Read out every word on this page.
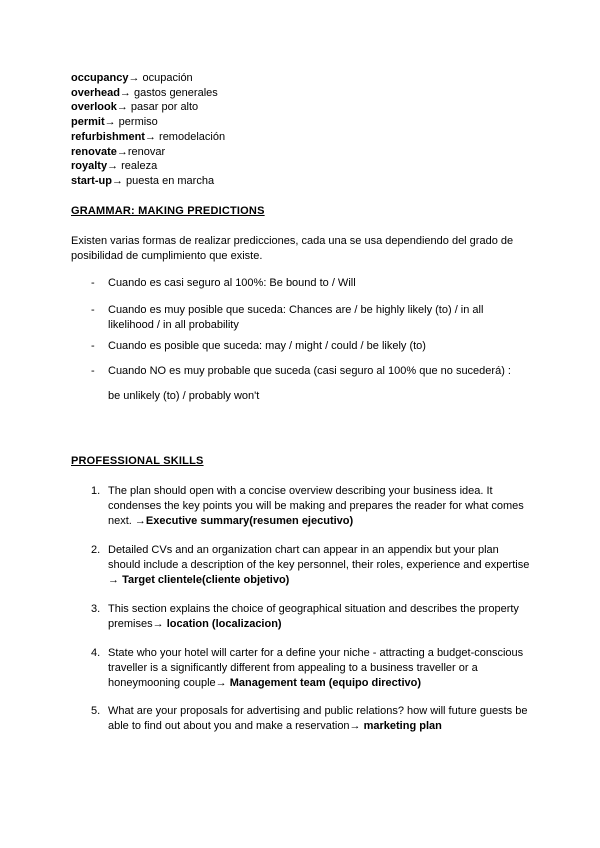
occupancy→ ocupación
overhead→ gastos generales
overlook→ pasar por alto
permit→ permiso
refurbishment→ remodelación
renovate→renovar
royalty→ realeza
start-up→ puesta en marcha
GRAMMAR: MAKING PREDICTIONS
Existen varias formas de realizar predicciones, cada una se usa dependiendo del grado de posibilidad de cumplimiento que existe.
- Cuando es casi seguro al 100%: Be bound to / Will
- Cuando es muy posible que suceda: Chances are / be highly likely (to) / in all likelihood / in all probability
- Cuando es posible que suceda: may / might / could / be likely (to)
- Cuando NO es muy probable que suceda (casi seguro al 100% que no sucederá) :
be unlikely (to) / probably won't
PROFESSIONAL SKILLS
1. The plan should open with a concise overview describing your business idea. It condenses the key points you will be making and prepares the reader for what comes next. →Executive summary(resumen ejecutivo)
2. Detailed CVs and an organization chart can appear in an appendix but your plan should include a description of the key personnel, their roles, experience and expertise → Target clientele(cliente objetivo)
3. This section explains the choice of geographical situation and describes the property premises→ location (localizacion)
4. State who your hotel will carter for a define your niche - attracting a budget-conscious traveller is a significantly different from appealing to a business traveller or a honeymooning couple→ Management team (equipo directivo)
5. What are your proposals for advertising and public relations? how will future guests be able to find out about you and make a reservation→ marketing plan
